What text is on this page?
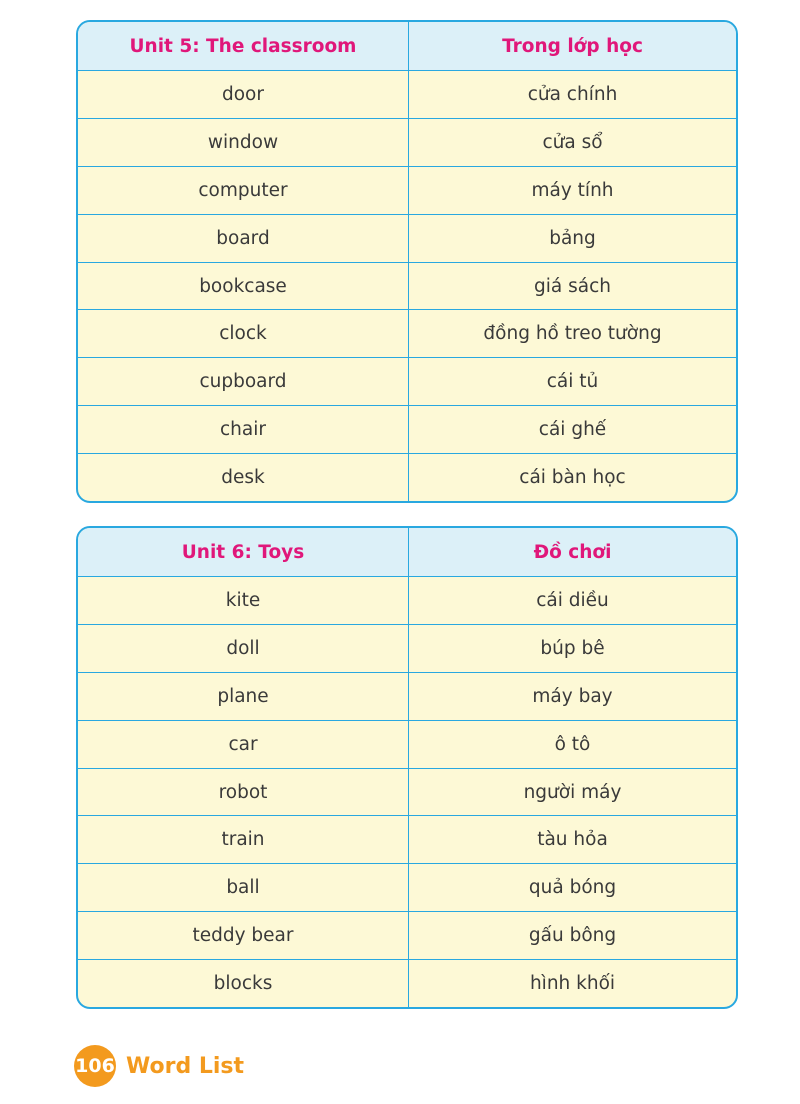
Unit 5: The classroom	Trong lớp học
door	cửa chính
window	cửa sổ
computer	máy tính
board	bảng
bookcase	giá sách
clock	đồng hồ treo tường
cupboard	cái tủ
chair	cái ghế
desk	cái bàn học
Unit 6: Toys	Đồ chơi
kite	cái diều
doll	búp bê
plane	máy bay
car	ô tô
robot	người máy
train	tàu hỏa
ball	quả bóng
teddy bear	gấu bông
blocks	hình khối
106 Word List
